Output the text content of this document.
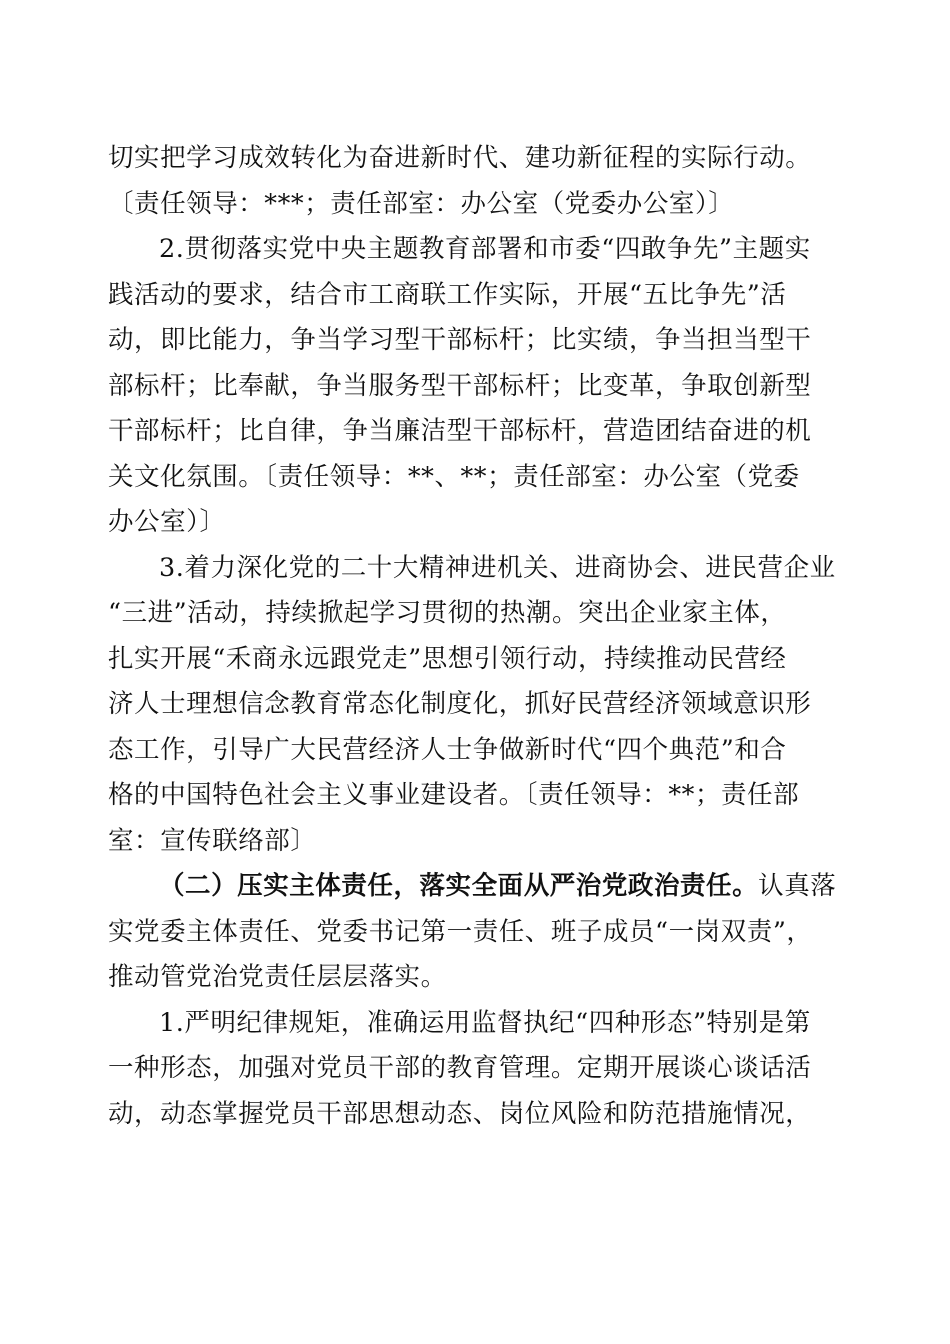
切实把学习成效转化为奋进新时代、建功新征程的实际行动。
〔责任领导：***；责任部室：办公室（党委办公室）〕
2.贯彻落实党中央主题教育部署和市委“四敢争先”主题实
践活动的要求，结合市工商联工作实际，开展“五比争先”活
动，即比能力，争当学习型干部标杆；比实绩，争当担当型干
部标杆；比奉献，争当服务型干部标杆；比变革，争取创新型
干部标杆；比自律，争当廉洁型干部标杆，营造团结奋进的机
关文化氛围。〔责任领导：**、**；责任部室：办公室（党委
办公室）〕
3.着力深化党的二十大精神进机关、进商协会、进民营企业
“三进”活动，持续掀起学习贯彻的热潮。突出企业家主体，
扎实开展“禾商永远跟党走”思想引领行动，持续推动民营经
济人士理想信念教育常态化制度化，抓好民营经济领域意识形
态工作，引导广大民营经济人士争做新时代“四个典范”和合
格的中国特色社会主义事业建设者。〔责任领导：**；责任部
室：宣传联络部〕
（二）压实主体责任，落实全面从严治党政治责任。认真落
实党委主体责任、党委书记第一责任、班子成员“一岗双责”，
推动管党治党责任层层落实。
1.严明纪律规矩，准确运用监督执纪“四种形态”特别是第
一种形态，加强对党员干部的教育管理。定期开展谈心谈话活
动，动态掌握党员干部思想动态、岗位风险和防范措施情况，
